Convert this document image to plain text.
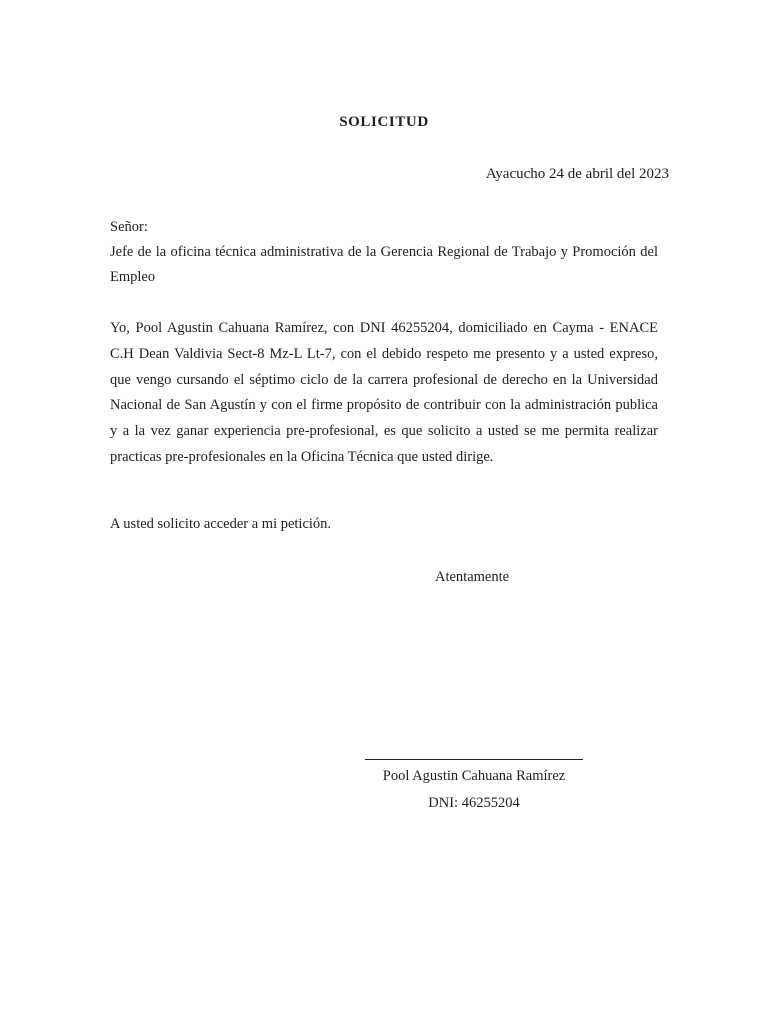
SOLICITUD
Ayacucho 24 de abril del 2023
Señor:
Jefe de la oficina técnica administrativa de la Gerencia Regional de Trabajo y Promoción del Empleo
Yo, Pool Agustin Cahuana Ramírez, con DNI 46255204, domiciliado en Cayma - ENACE C.H Dean Valdivia Sect-8 Mz-L Lt-7, con el debido respeto me presento y a usted expreso, que vengo cursando el séptimo ciclo de la carrera profesional de derecho en la Universidad Nacional de San Agustín y con el firme propósito de contribuir con la administración publica y a la vez ganar experiencia pre-profesional, es que solicito a usted se me permita realizar practicas pre-profesionales en la Oficina Técnica que usted dirige.
A usted solicito acceder a mi petición.
Atentamente
Pool Agustin Cahuana Ramírez
DNI: 46255204
